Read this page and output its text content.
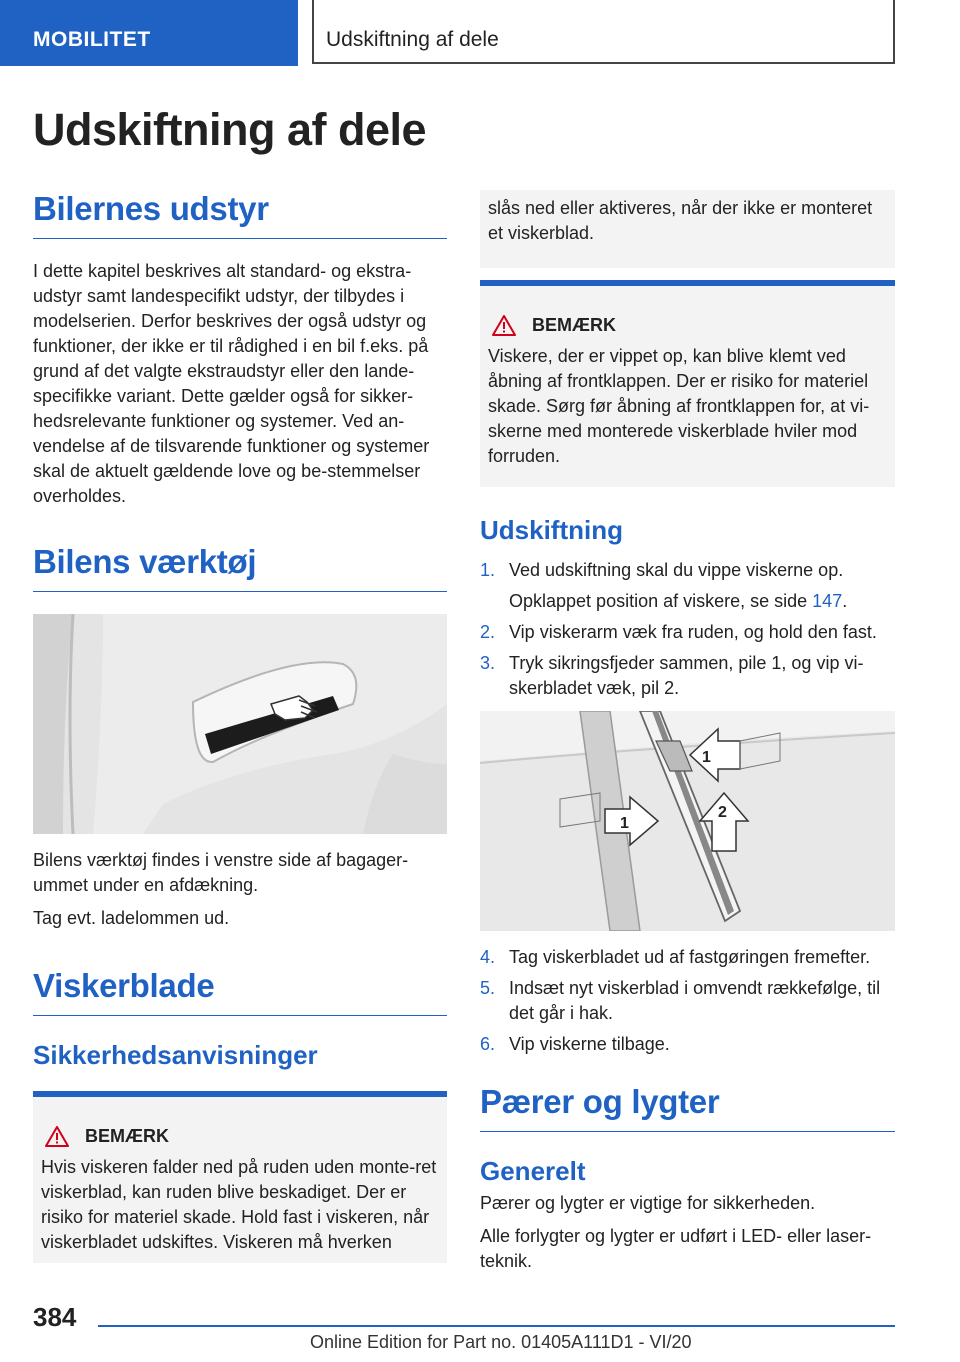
MOBILITET	Udskiftning af dele
Udskiftning af dele
Bilernes udstyr

I dette kapitel beskrives alt standard- og ekstra-udstyr samt landespecifikt udstyr, der tilbydes i modelserien. Derfor beskrives der også udstyr og funktioner, der ikke er til rådighed i en bil f.eks. på grund af det valgte ekstraudstyr eller den lande-specifikke variant. Dette gælder også for sikker-hedsrelevante funktioner og systemer. Ved an-vendelse af de tilsvarende funktioner og systemer skal de aktuelt gældende love og be-stemmelser overholdes.

Bilens værktøj

Bilens værktøj findes i venstre side af bagager-ummet under en afdækning.

Tag evt. ladelommen ud.

Viskerblade
Sikkerhedsanvisninger
BEMÆRK

Hvis viskeren falder ned på ruden uden monte-ret viskerblad, kan ruden blive beskadiget. Der er risiko for materiel skade. Hold fast i viskeren, når viskerbladet udskiftes. Viskeren må hverken

slås ned eller aktiveres, når der ikke er monteret et viskerblad.

BEMÆRK

Viskere, der er vippet op, kan blive klemt ved åbning af frontklappen. Der er risiko for materiel skade. Sørg før åbning af frontklappen for, at vi-skerne med monterede viskerblade hviler mod forruden.

Udskiftning
1. Ved udskiftning skal du vippe viskerne op.
Opklappet position af viskere, se side 147.
2. Vip viskerarm væk fra ruden, og hold den fast.
3. Tryk sikringsfjeder sammen, pile 1, og vip vi-skerbladet væk, pil 2.
1
1
2
4. Tag viskerbladet ud af fastgøringen fremefter.
5. Indsæt nyt viskerblad i omvendt rækkefølge, til det går i hak.
6. Vip viskerne tilbage.
Pærer og lygter
Generelt

Pærer og lygter er vigtige for sikkerheden.

Alle forlygter og lygter er udført i LED- eller laser-teknik.

384
Online Edition for Part no. 01405A111D1 - VI/20
